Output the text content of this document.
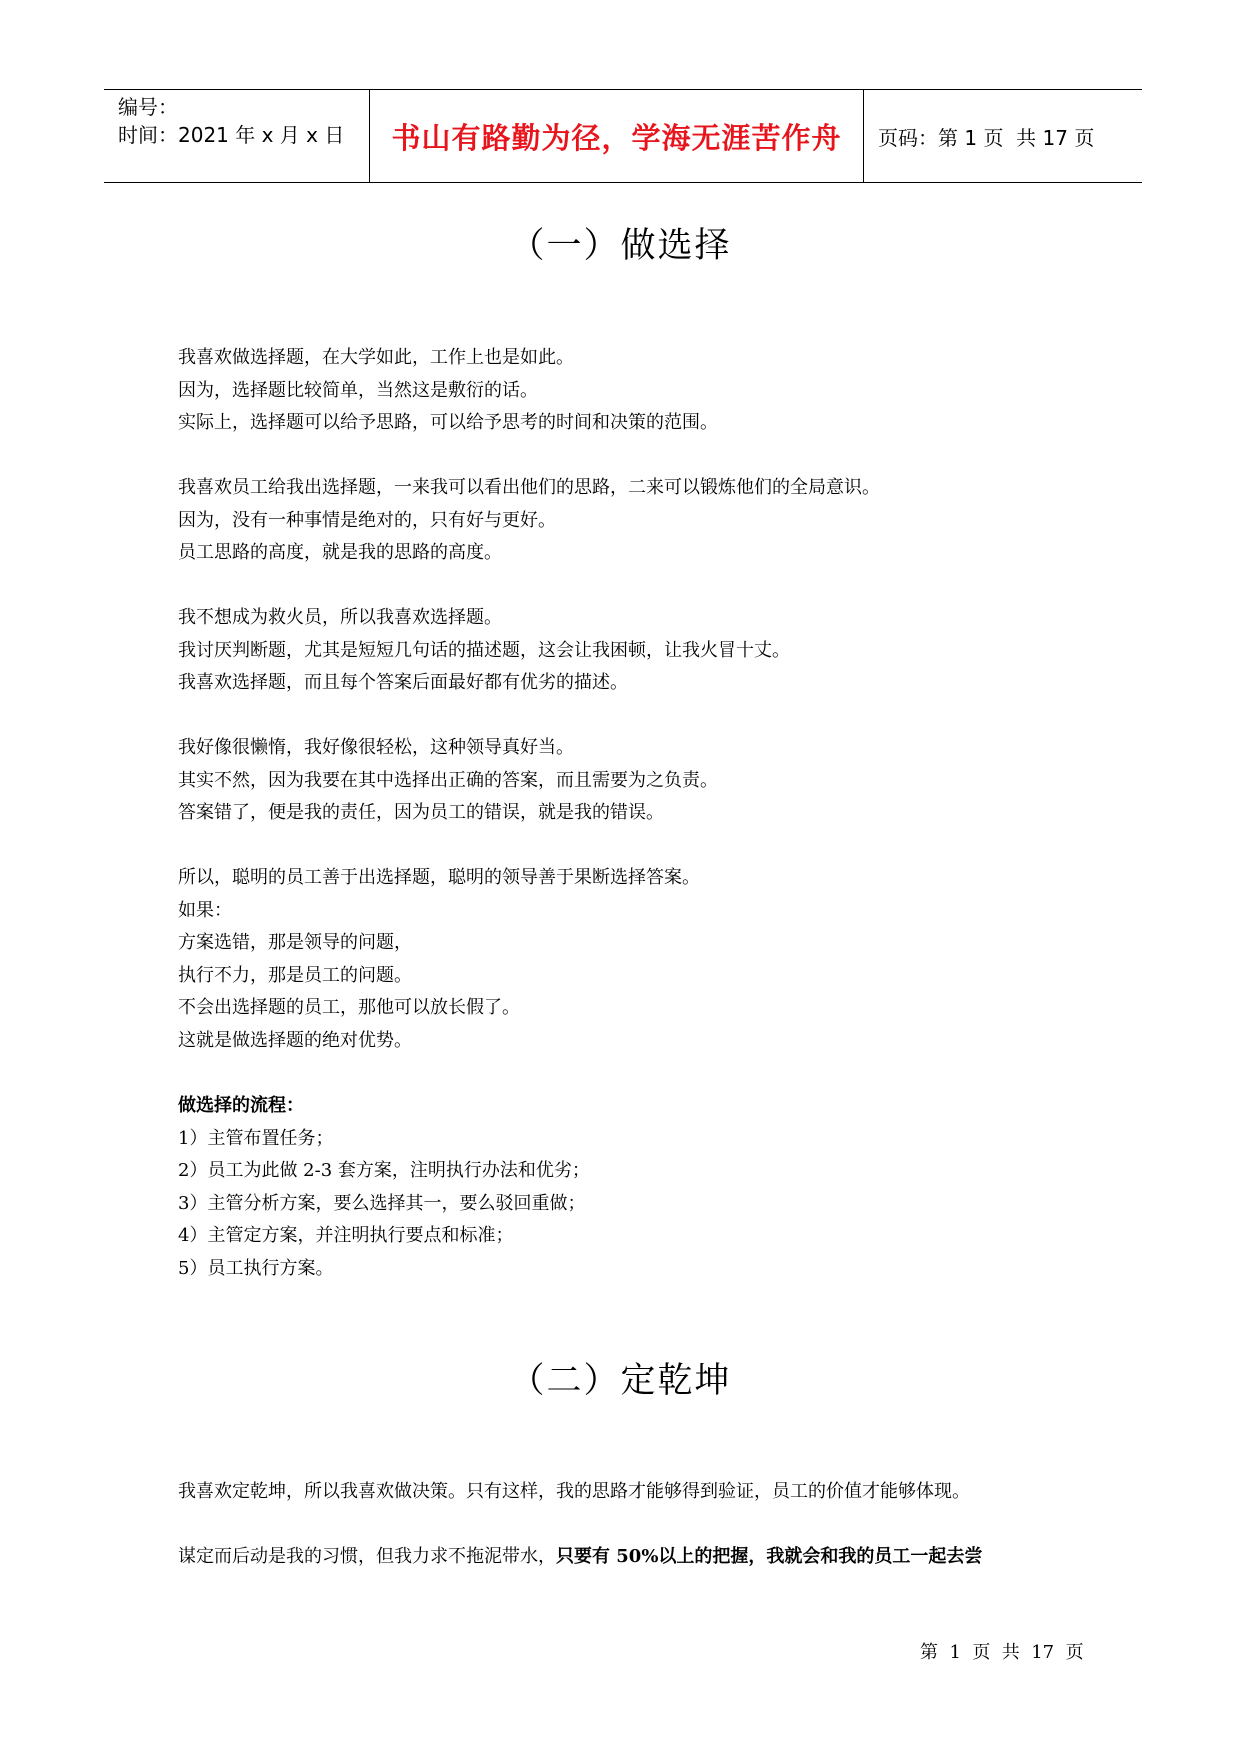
编号：
时间：2021 年 x 月 x 日	书山有路勤为径，学海无涯苦作舟	页码：第 1 页  共 17 页
（一）做选择
我喜欢做选择题，在大学如此，工作上也是如此。
因为，选择题比较简单，当然这是敷衍的话。
实际上，选择题可以给予思路，可以给予思考的时间和决策的范围。
我喜欢员工给我出选择题，一来我可以看出他们的思路，二来可以锻炼他们的全局意识。
因为，没有一种事情是绝对的，只有好与更好。
员工思路的高度，就是我的思路的高度。
我不想成为救火员，所以我喜欢选择题。
我讨厌判断题，尤其是短短几句话的描述题，这会让我困顿，让我火冒十丈。
我喜欢选择题，而且每个答案后面最好都有优劣的描述。
我好像很懒惰，我好像很轻松，这种领导真好当。
其实不然，因为我要在其中选择出正确的答案，而且需要为之负责。
答案错了，便是我的责任，因为员工的错误，就是我的错误。
所以，聪明的员工善于出选择题，聪明的领导善于果断选择答案。
如果：
方案选错，那是领导的问题，
执行不力，那是员工的问题。
不会出选择题的员工，那他可以放长假了。
这就是做选择题的绝对优势。
做选择的流程：
1）主管布置任务；
2）员工为此做 2-3 套方案，注明执行办法和优劣；
3）主管分析方案，要么选择其一，要么驳回重做；
4）主管定方案，并注明执行要点和标准；
5）员工执行方案。
（二）定乾坤
我喜欢定乾坤，所以我喜欢做决策。只有这样，我的思路才能够得到验证，员工的价值才能够体现。
谋定而后动是我的习惯，但我力求不拖泥带水，只要有 50%以上的把握，我就会和我的员工一起去尝
第  1  页  共  17  页
